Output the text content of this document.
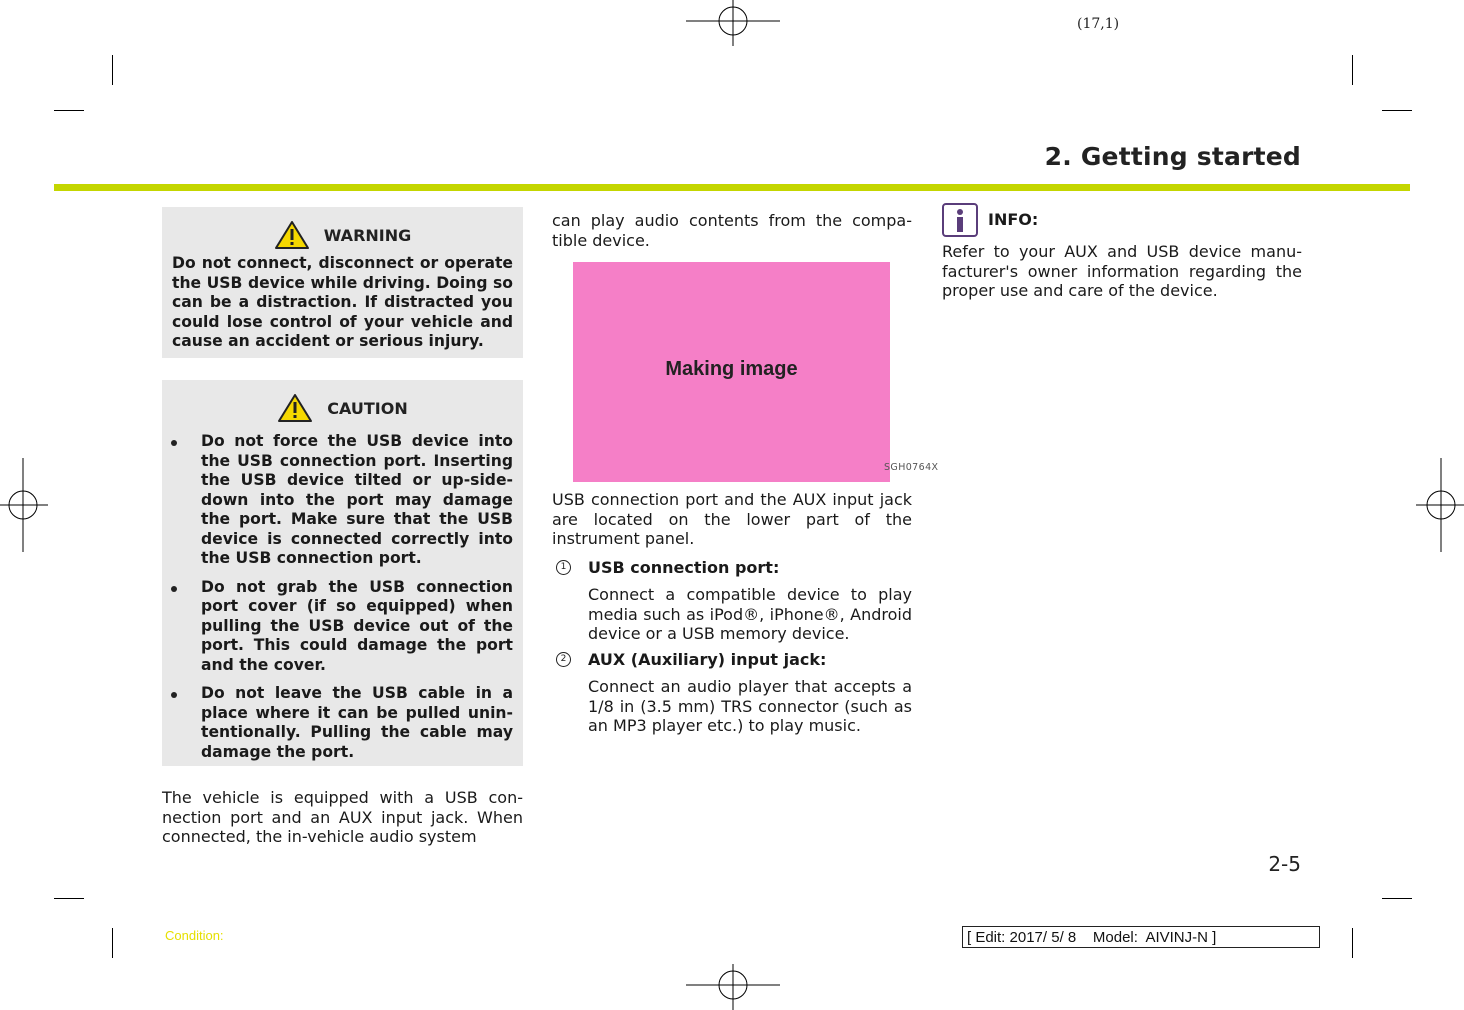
(17,1)
2. Getting started
WARNING
Do not connect, disconnect or operate the USB device while driving. Doing so can be a distraction. If distracted you could lose control of your vehicle and cause an accident or serious injury.
CAUTION
Do not force the USB device into the USB connection port. Inserting the USB device tilted or up-side-down into the port may damage the port. Make sure that the USB device is connected correctly into the USB connection port.
Do not grab the USB connection port cover (if so equipped) when pulling the USB device out of the port. This could damage the port and the cover.
Do not leave the USB cable in a place where it can be pulled unin-tentionally. Pulling the cable may damage the port.
The vehicle is equipped with a USB con-nection port and an AUX input jack. When connected, the in-vehicle audio system
can play audio contents from the compa-tible device.
Making image
SGH0764X
USB connection port and the AUX input jack are located on the lower part of the instrument panel.
1 USB connection port:
Connect a compatible device to play media such as iPod®, iPhone®, Android device or a USB memory device.
2 AUX (Auxiliary) input jack:
Connect an audio player that accepts a 1/8 in (3.5 mm) TRS connector (such as an MP3 player etc.) to play music.
INFO:
Refer to your AUX and USB device manu-facturer's owner information regarding the proper use and care of the device.
2-5
Condition:	[ Edit: 2017/ 5/ 8    Model:  AIVINJ-N ]
